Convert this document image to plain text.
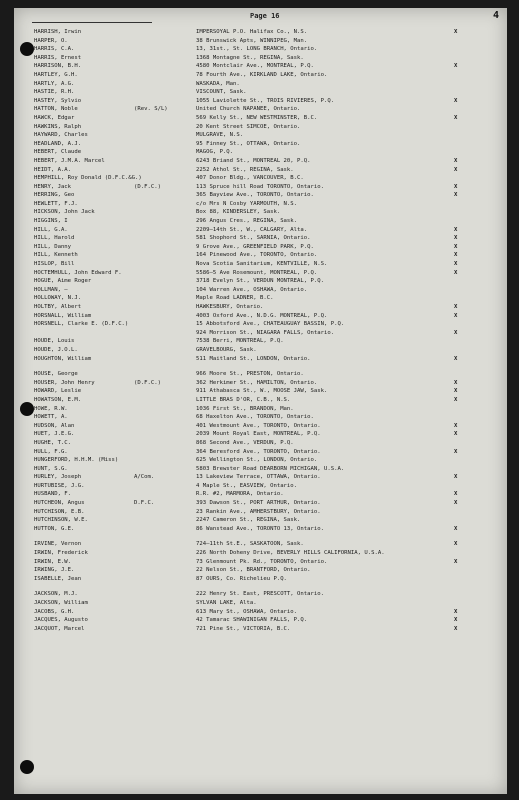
Page 16	4
HARRISH, Irwin	IMPERSOYAL P.O. Halifax Co., N.S.	X
HARPER, O.	38 Brunswick Apts, WINNIPEG, Man.
HARRIS, C.A.	13, 31st., St. LONG BRANCH, Ontario.
HARRIS, Ernest	1368 Montagne St., REGINA, Sask.
HARRISON, B.H.	4580 Montclair Ave., MONTREAL, P.Q.	X
HARTLEY, G.H.	78 Fourth Ave., KIRKLAND LAKE, Ontario.
HARTLY, A.G.	WASKADA, Man.
HASTIE, R.H.	VISCOUNT, Sask.
HASTEY, Sylvio	1055 Laviolette St., TROIS RIVIERES, P.Q.	X
HATTON, Noble	(Rev. S/L)	United Church NAPANEE, Ontario.
HAWCK, Edgar	569 Kelly St., NEW WESTMINSTER, B.C.	X
HAWKINS, Ralph	20 Kent Street SIMCOE, Ontario.
HAYWARD, Charles	MULGRAVE, N.S.
HEADLAND, A.J.	95 Finney St., OTTAWA, Ontario.
HEBERT, Claude	MAGOG, P.Q.
HEBERT, J.M.A. Marcel	6243 Briand St., MONTREAL 20, P.Q.	X
HEIDT, A.A.	2252 Athol St., REGINA, Sask.	X
HEMPHILL, Roy Donald (D.F.C.&G.)	407 Donor Bldg., VANCOUVER, B.C.
HENRY, Jack	(D.F.C.)	113 Spruce hill Road TORONTO, Ontario.	X
HERRING, Geo	365 Bayview Ave., TORONTO, Ontario.	X
HEWLETT, F.J.	c/o Mrs N Cosby YARMOUTH, N.S.
HICKSON, John Jack	Box 88, KINDERSLEY, Sask.
HIGGINS, I	296 Angus Cres., REGINA, Sask.
HILL, G.A.	2209—14th St., W., CALGARY, Alta.	X
HILL, Harold	581 Shophord St., SARNIA, Ontario.	X
HILL, Danny	9 Grove Ave., GREENFIELD PARK, P.Q.	X
HILL, Kenneth	164 Pinewood Ave., TORONTO, Ontario.	X
HISLOP, Bill	Nova Scotia Sanitarium, KENTVILLE, N.S.	X
HOCTEMHULL, John Edward F.	5586—5 Ave Rosemount, MONTREAL, P.Q.	X
HOGUE, Aime Roger	3718 Evelyn St., VERDUN MONTREAL, P.Q.
HOLLMAN, —	104 Warren Ave., OSHAWA, Ontario.
HOLLOWAY, N.J.	Maple Road LADNER, B.C.
HOLTBY, Albert	HAWKESBURY, Ontario.	X
HORSNALL, William	4003 Oxford Ave., N.D.G. MONTREAL, P.Q.	X
HORSNELL, Clarke E. (D.F.C.)	15 Abbotsford Ave., CHATEAUGUAY BASSIN, P.Q.
924 Morrison St., NIAGARA FALLS, Ontario.	X
HOUDE, Louis	7538 Berri, MONTREAL, P.Q.
HOUDE, J.O.L.	GRAVELBOURG, Sask.
HOUGHTON, William	511 Maitland St., LONDON, Ontario.	X
HOUSE, George	966 Moore St., PRESTON, Ontario.
HOUSER, John Henry	(D.F.C.)	362 Herkimer St., HAMILTON, Ontario.	X
HOWARD, Leslie	911 Athabasca St., W., MOOSE JAW, Sask.	X
HOWATSON, E.M.	LITTLE BRAS D'OR, C.B., N.S.	X
HOWE, R.W.	1036 First St., BRANDON, Man.
HOWETT, A.	68 Haxelton Ave., TORONTO, Ontario.
HUDSON, Alan	401 Westmount Ave., TORONTO, Ontario.	X
HUET, J.E.G.	2039 Mount Royal East, MONTREAL, P.Q.	X
HUGHE, T.C.	868 Second Ave., VERDUN, P.Q.
HULL, F.G.	364 Beresford Ave., TORONTO, Ontario.	X
HUNGERFORD, H.H.M. (Miss)	625 Wellington St., LONDON, Ontario.
HUNT, S.G.	5803 Brewster Road DEARBORN MICHIGAN, U.S.A.
HURLEY, Joseph	A/Com.	13 Lakeview Terrace, OTTAWA, Ontario.	X
HURTUBISE, J.G.	4 Maple St., EASVIEW, Ontario.
HUSBAND, F.	R.R. #2, MARMORA, Ontario.	X
HUTCHEON, Angus	D.F.C.	393 Dawson St., PORT ARTHUR, Ontario.	X
HUTCHISON, E.B.	23 Rankin Ave., AMHERSTBURY, Ontario.
HUTCHINSON, W.E.	2247 Cameron St., REGINA, Sask.
HUTTON, G.E.	86 Wanstead Ave., TORONTO 13, Ontario.	X
IRVINE, Vernon	724—11th St.E., SASKATOON, Sask.	X
IRWIN, Frederick	226 North Doheny Drive, BEVERLY HILLS CALIFORNIA, U.S.A.
IRWIN, E.W.	73 Glenmount Pk. Rd., TORONTO, Ontario.	X
IRWING, J.E.	22 Nelson St., BRANTFORD, Ontario.
ISABELLE, Jean	87 OURS, Co. Richelieu P.Q.
JACKSON, M.J.	222 Henry St. East, PRESCOTT, Ontario.
JACKSON, William	SYLVAN LAKE, Alta.
JACOBS, G.H.	613 Mary St., OSHAWA, Ontario.	X
JACQUES, Augusto	42 Tamarac SHAWINIGAN FALLS, P.Q.	X
JACQUOT, Marcel	721 Pine St., VICTORIA, B.C.	X
